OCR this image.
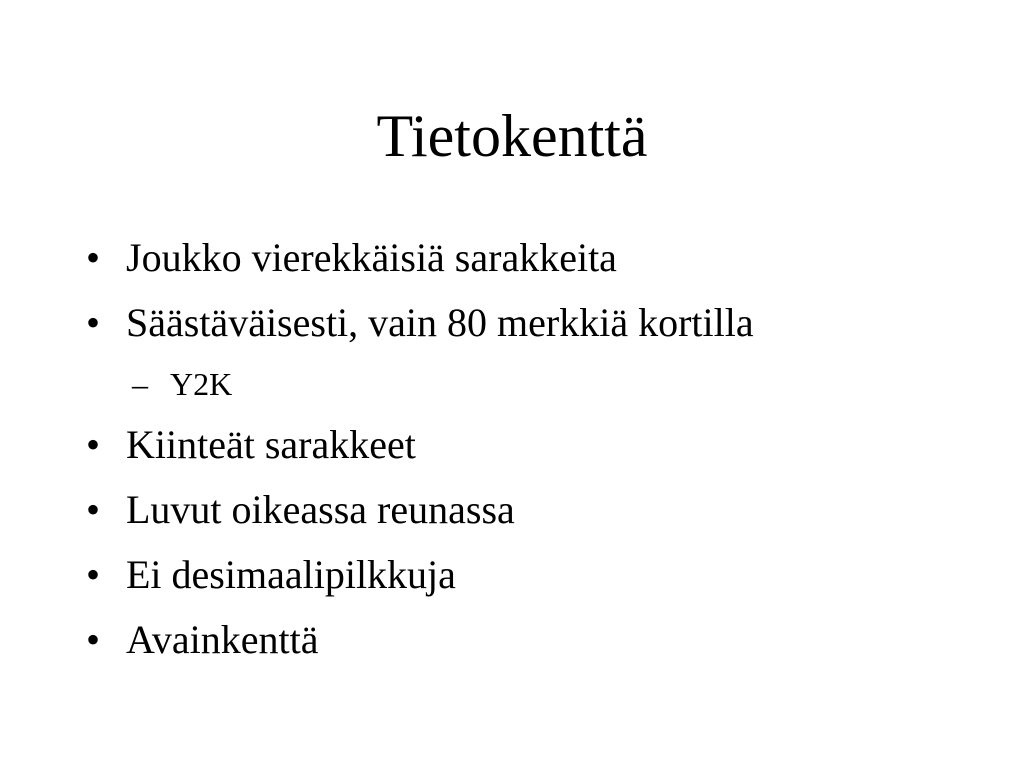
Tietokenttä
• Joukko vierekkäisiä sarakkeita
• Säästäväisesti, vain 80 merkkiä kortilla
– Y2K
• Kiinteät sarakkeet
• Luvut oikeassa reunassa
• Ei desimaalipilkkuja
• Avainkenttä
